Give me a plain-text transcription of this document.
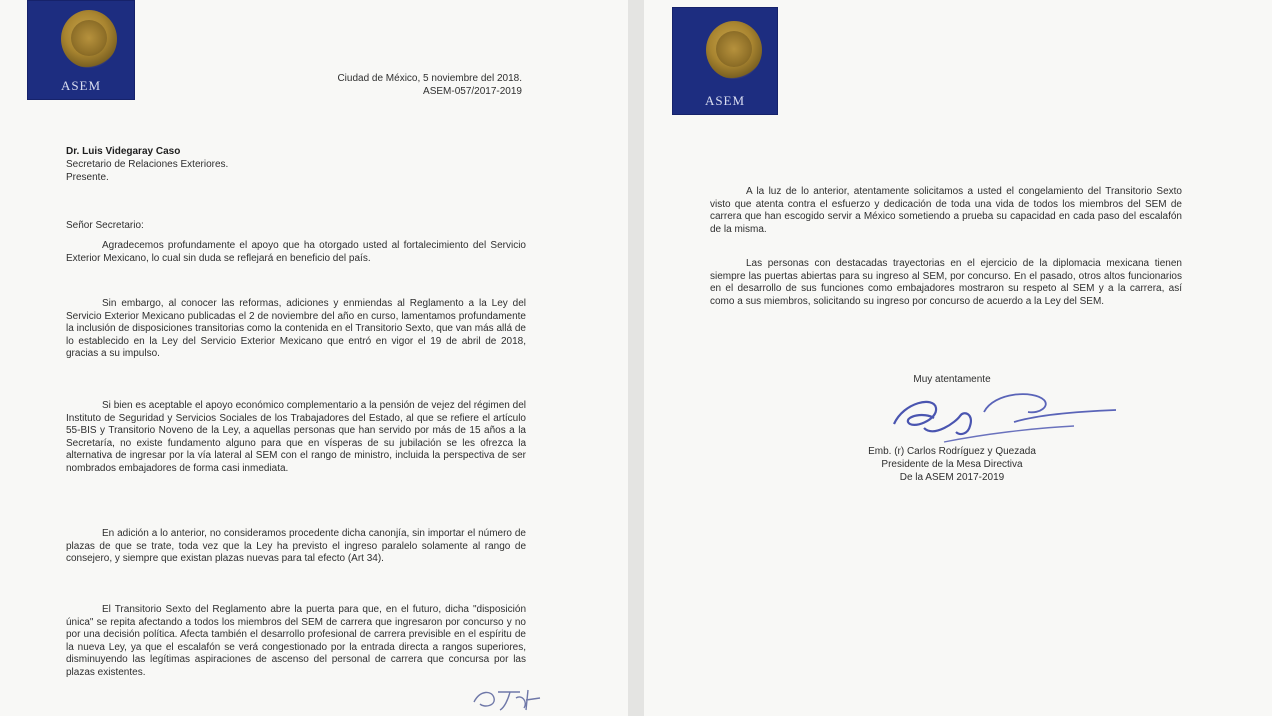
ASEM	Ciudad de México, 5 noviembre del 2018.
ASEM-057/2017-2019
Dr. Luis Videgaray Caso
Secretario de Relaciones Exteriores.
Presente.
Señor Secretario:
Agradecemos profundamente el apoyo que ha otorgado usted al fortalecimiento del Servicio Exterior Mexicano, lo cual sin duda se reflejará en beneficio del país.
Sin embargo, al conocer las reformas, adiciones y enmiendas al Reglamento a la Ley del Servicio Exterior Mexicano publicadas el 2 de noviembre del año en curso, lamentamos profundamente la inclusión de disposiciones transitorias como la contenida en el Transitorio Sexto, que van más allá de lo establecido en la Ley del Servicio Exterior Mexicano que entró en vigor el 19 de abril de 2018, gracias a su impulso.
Si bien es aceptable el apoyo económico complementario a la pensión de vejez del régimen del Instituto de Seguridad y Servicios Sociales de los Trabajadores del Estado, al que se refiere el artículo 55-BIS y Transitorio Noveno de la Ley, a aquellas personas que han servido por más de 15 años a la Secretaría, no existe fundamento alguno para que en vísperas de su jubilación se les ofrezca la alternativa de ingresar por la vía lateral al SEM con el rango de ministro, incluida la perspectiva de ser nombrados embajadores de forma casi inmediata.
En adición a lo anterior, no consideramos procedente dicha canonjía, sin importar el número de plazas de que se trate, toda vez que la Ley ha previsto el ingreso paralelo solamente al rango de consejero, y siempre que existan plazas nuevas para tal efecto (Art 34).
El Transitorio Sexto del Reglamento abre la puerta para que, en el futuro, dicha "disposición única" se repita afectando a todos los miembros del SEM de carrera que ingresaron por concurso y no por una decisión política. Afecta también el desarrollo profesional de carrera previsible en el espíritu de la nueva Ley, ya que el escalafón se verá congestionado por la entrada directa a rangos superiores, disminuyendo las legítimas aspiraciones de ascenso del personal de carrera que concursa por las plazas existentes.
ASEM
A la luz de lo anterior, atentamente solicitamos a usted el congelamiento del Transitorio Sexto visto que atenta contra el esfuerzo y dedicación de toda una vida de todos los miembros del SEM de carrera que han escogido servir a México sometiendo a prueba su capacidad en cada paso del escalafón de la misma.
Las personas con destacadas trayectorias en el ejercicio de la diplomacia mexicana tienen siempre las puertas abiertas para su ingreso al SEM, por concurso. En el pasado, otros altos funcionarios en el desarrollo de sus funciones como embajadores mostraron su respeto al SEM y a la carrera, así como a sus miembros, solicitando su ingreso por concurso de acuerdo a la Ley del SEM.
Muy atentamente
Emb. (r) Carlos Rodríguez y Quezada
Presidente de la Mesa Directiva
De la ASEM 2017-2019
